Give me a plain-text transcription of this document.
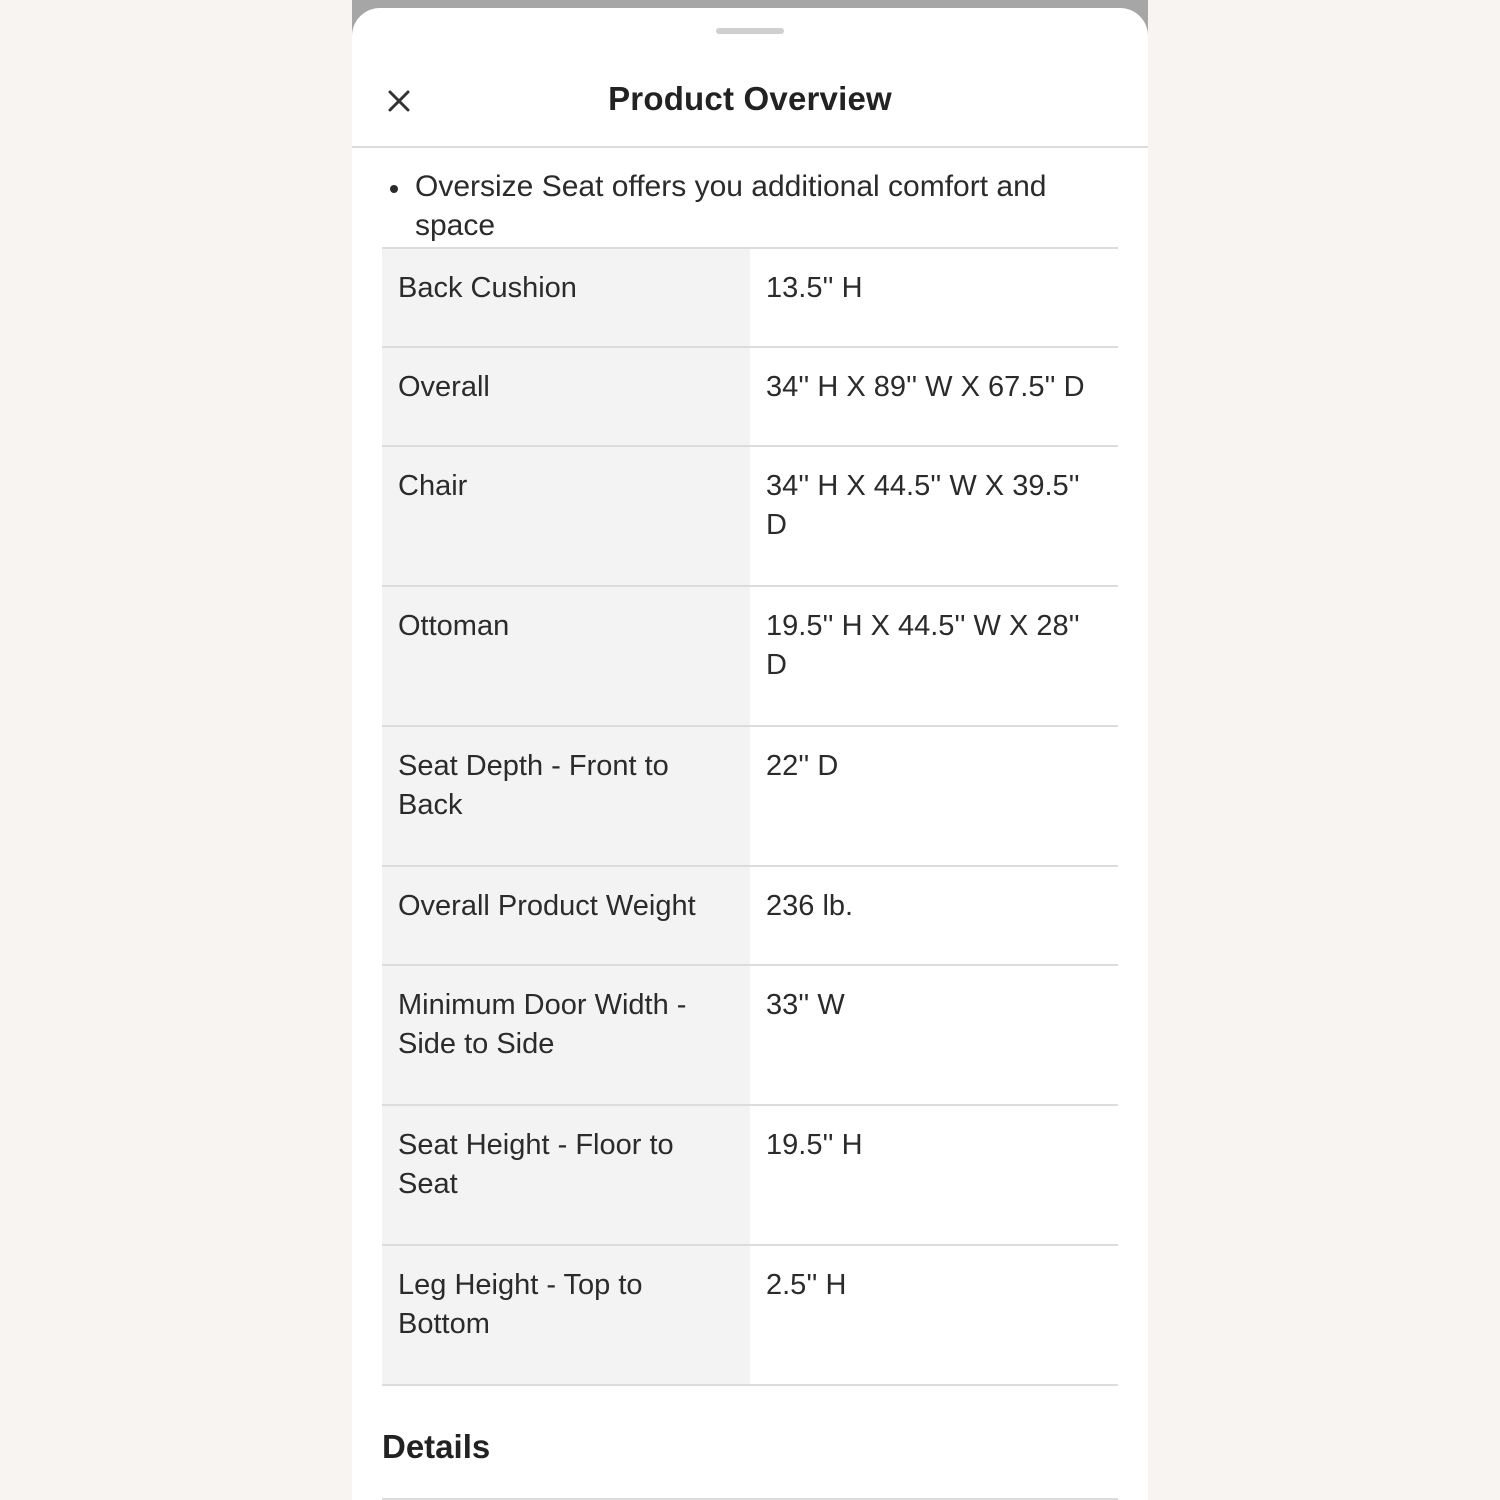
Product Overview
Oversize Seat offers you additional comfort and space
Back Cushion	13.5'' H
Overall	34'' H X 89'' W X 67.5'' D
Chair	34'' H X 44.5'' W X 39.5'' D
Ottoman	19.5'' H X 44.5'' W X 28'' D
Seat Depth - Front to Back	22'' D
Overall Product Weight	236 lb.
Minimum Door Width - Side to Side	33'' W
Seat Height - Floor to Seat	19.5'' H
Leg Height - Top to Bottom	2.5'' H
Details
